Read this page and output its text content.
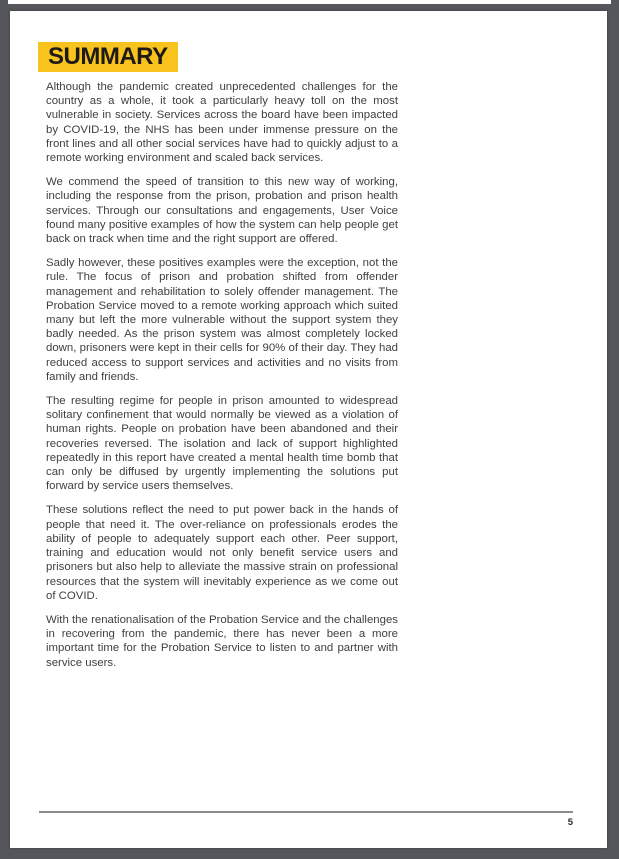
SUMMARY

Although the pandemic created unprecedented challenges for the country as a whole, it took a particularly heavy toll on the most vulnerable in society. Services across the board have been impacted by COVID-19, the NHS has been under immense pressure on the front lines and all other social services have had to quickly adjust to a remote working environment and scaled back services.

We commend the speed of transition to this new way of working, including the response from the prison, probation and prison health services. Through our consultations and engagements, User Voice found many positive examples of how the system can help people get back on track when time and the right support are offered.

Sadly however, these positives examples were the exception, not the rule. The focus of prison and probation shifted from offender management and rehabilitation to solely offender management. The Probation Service moved to a remote working approach which suited many but left the more vulnerable without the support system they badly needed. As the prison system was almost completely locked down, prisoners were kept in their cells for 90% of their day. They had reduced access to support services and activities and no visits from family and friends.

The resulting regime for people in prison amounted to widespread solitary confinement that would normally be viewed as a violation of human rights. People on probation have been abandoned and their recoveries reversed. The isolation and lack of support highlighted repeatedly in this report have created a mental health time bomb that can only be diffused by urgently implementing the solutions put forward by service users themselves.

These solutions reflect the need to put power back in the hands of people that need it. The over-reliance on professionals erodes the ability of people to adequately support each other. Peer support, training and education would not only benefit service users and prisoners but also help to alleviate the massive strain on professional resources that the system will inevitably experience as we come out of COVID.

With the renationalisation of the Probation Service and the challenges in recovering from the pandemic, there has never been a more important time for the Probation Service to listen to and partner with service users.

5
